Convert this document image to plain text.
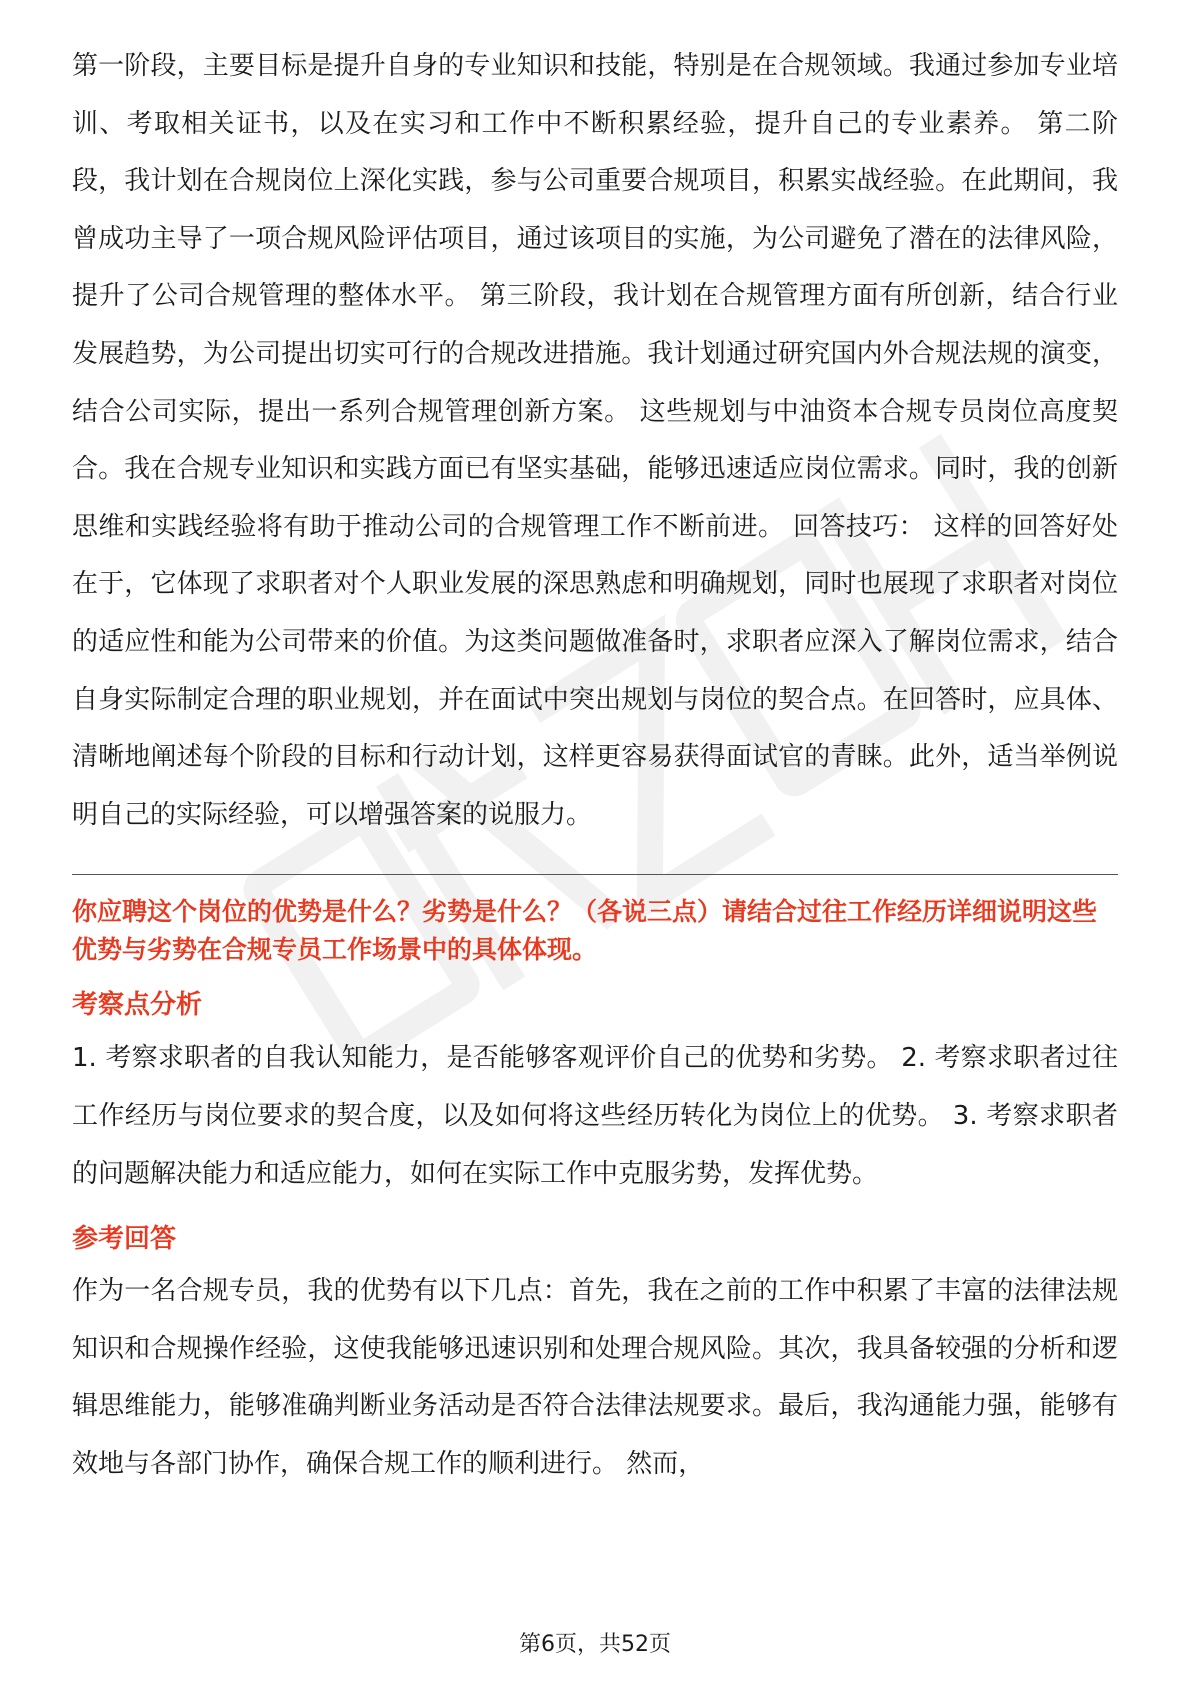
第一阶段，主要目标是提升自身的专业知识和技能，特别是在合规领域。我通过参加专业培训、考取相关证书，以及在实习和工作中不断积累经验，提升自己的专业素养。 第二阶段，我计划在合规岗位上深化实践，参与公司重要合规项目，积累实战经验。在此期间，我曾成功主导了一项合规风险评估项目，通过该项目的实施，为公司避免了潜在的法律风险，提升了公司合规管理的整体水平。 第三阶段，我计划在合规管理方面有所创新，结合行业发展趋势，为公司提出切实可行的合规改进措施。我计划通过研究国内外合规法规的演变，结合公司实际，提出一系列合规管理创新方案。 这些规划与中油资本合规专员岗位高度契合。我在合规专业知识和实践方面已有坚实基础，能够迅速适应岗位需求。同时，我的创新思维和实践经验将有助于推动公司的合规管理工作不断前进。 回答技巧： 这样的回答好处在于，它体现了求职者对个人职业发展的深思熟虑和明确规划，同时也展现了求职者对岗位的适应性和能为公司带来的价值。为这类问题做准备时，求职者应深入了解岗位需求，结合自身实际制定合理的职业规划，并在面试中突出规划与岗位的契合点。在回答时，应具体、清晰地阐述每个阶段的目标和行动计划，这样更容易获得面试官的青睐。此外，适当举例说明自己的实际经验，可以增强答案的说服力。

你应聘这个岗位的优势是什么？劣势是什么？（各说三点）请结合过往工作经历详细说明这些优势与劣势在合规专员工作场景中的具体体现。

考察点分析

1. 考察求职者的自我认知能力，是否能够客观评价自己的优势和劣势。 2. 考察求职者过往工作经历与岗位要求的契合度，以及如何将这些经历转化为岗位上的优势。 3. 考察求职者的问题解决能力和适应能力，如何在实际工作中克服劣势，发挥优势。

参考回答

作为一名合规专员，我的优势有以下几点：首先，我在之前的工作中积累了丰富的法律法规知识和合规操作经验，这使我能够迅速识别和处理合规风险。其次，我具备较强的分析和逻辑思维能力，能够准确判断业务活动是否符合法律法规要求。最后，我沟通能力强，能够有效地与各部门协作，确保合规工作的顺利进行。 然而，

第6页，共52页
